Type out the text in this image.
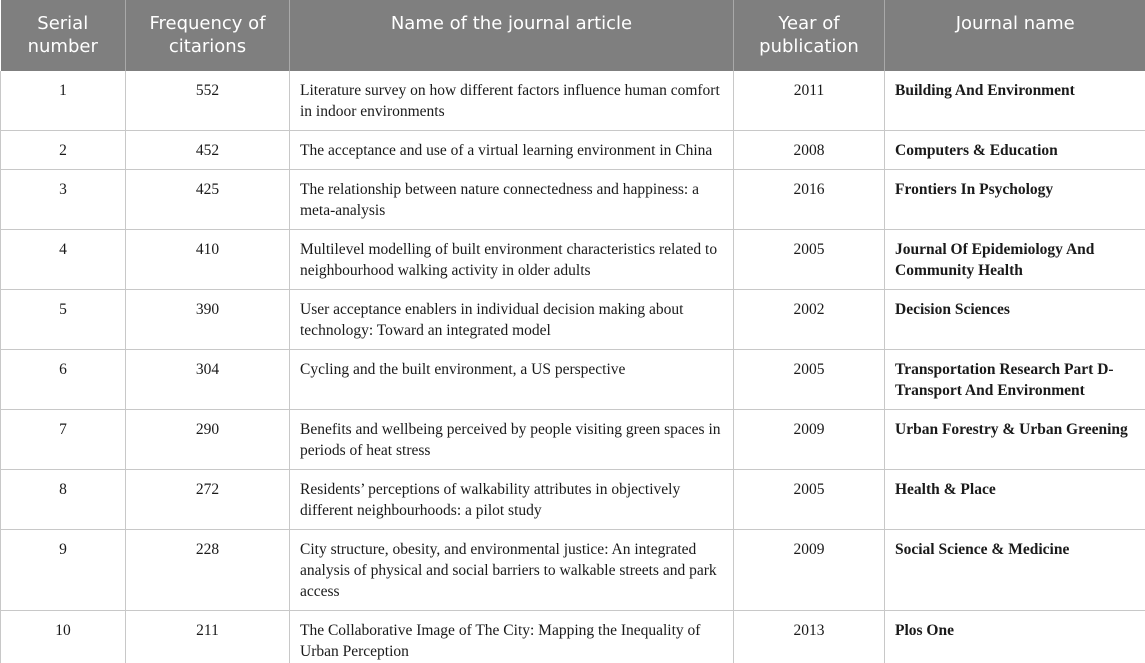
Serial number	Frequency of citarions	Name of the journal article	Year of publication	Journal name
1	552	Literature survey on how different factors influence human comfort in indoor environments	2011	Building And Environment
2	452	The acceptance and use of a virtual learning environment in China	2008	Computers & Education
3	425	The relationship between nature connectedness and happiness: a meta-analysis	2016	Frontiers In Psychology
4	410	Multilevel modelling of built environment characteristics related to neighbourhood walking activity in older adults	2005	Journal Of Epidemiology And Community Health
5	390	User acceptance enablers in individual decision making about technology: Toward an integrated model	2002	Decision Sciences
6	304	Cycling and the built environment, a US perspective	2005	Transportation Research Part D-Transport And Environment
7	290	Benefits and wellbeing perceived by people visiting green spaces in periods of heat stress	2009	Urban Forestry & Urban Greening
8	272	Residents’ perceptions of walkability attributes in objectively different neighbourhoods: a pilot study	2005	Health & Place
9	228	City structure, obesity, and environmental justice: An integrated analysis of physical and social barriers to walkable streets and park access	2009	Social Science & Medicine
10	211	The Collaborative Image of The City: Mapping the Inequality of Urban Perception	2013	Plos One
